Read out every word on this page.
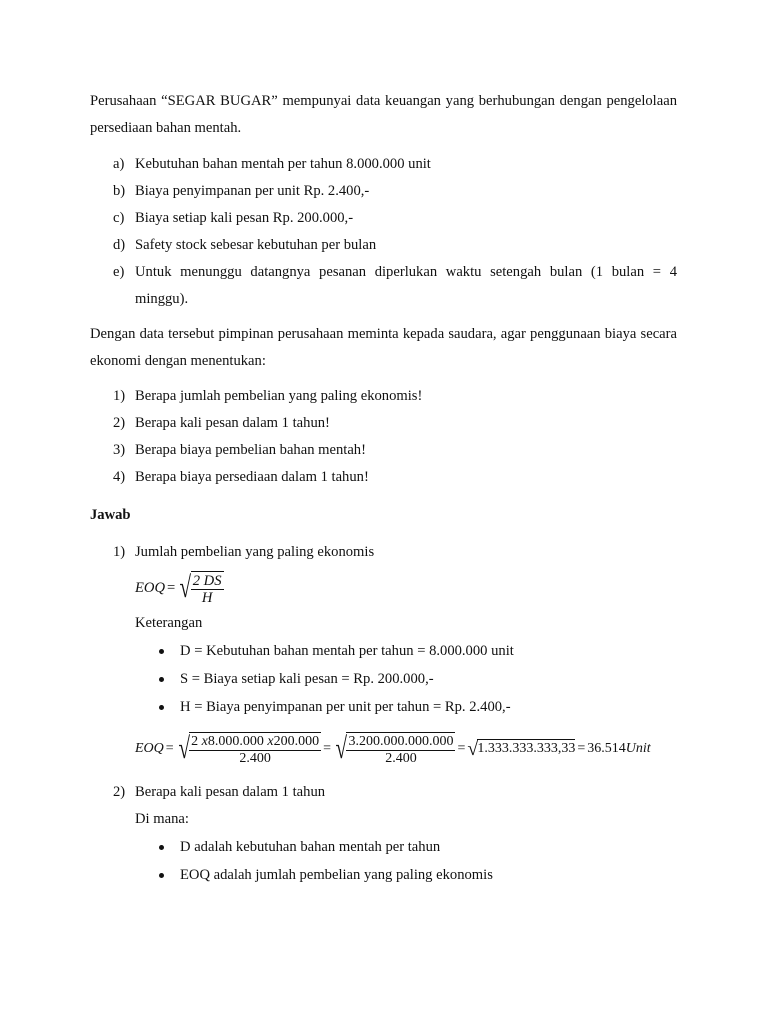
Perusahaan “SEGAR BUGAR” mempunyai data keuangan yang berhubungan dengan pengelolaan persediaan bahan mentah.

a) Kebutuhan bahan mentah per tahun 8.000.000 unit
b) Biaya penyimpanan per unit Rp. 2.400,-
c) Biaya setiap kali pesan Rp. 200.000,-
d) Safety stock sebesar kebutuhan per bulan
e) Untuk menunggu datangnya pesanan diperlukan waktu setengah bulan (1 bulan = 4 minggu).

Dengan data tersebut pimpinan perusahaan meminta kepada saudara, agar penggunaan biaya secara ekonomi dengan menentukan:

1) Berapa jumlah pembelian yang paling ekonomis!
2) Berapa kali pesan dalam 1 tahun!
3) Berapa biaya pembelian bahan mentah!
4) Berapa biaya persediaan dalam 1 tahun!
Jawab
1) Jumlah pembelian yang paling ekonomis
EOQ = √ $\frac{2 DS}{H}$
Keterangan
D = Kebutuhan bahan mentah per tahun = 8.000.000 unit
S = Biaya setiap kali pesan = Rp. 200.000,-
H = Biaya penyimpanan per unit per tahun = Rp. 2.400,-
EOQ = √ $\frac{2 x8.000.000 x200.000}{2.400}$ = √ $\frac{3.200.000.000.000}{2.400}$ = √ 1.333.333.333,33 = 36.514 Unit
2) Berapa kali pesan dalam 1 tahun
Di mana:
D adalah kebutuhan bahan mentah per tahun
EOQ adalah jumlah pembelian yang paling ekonomis
